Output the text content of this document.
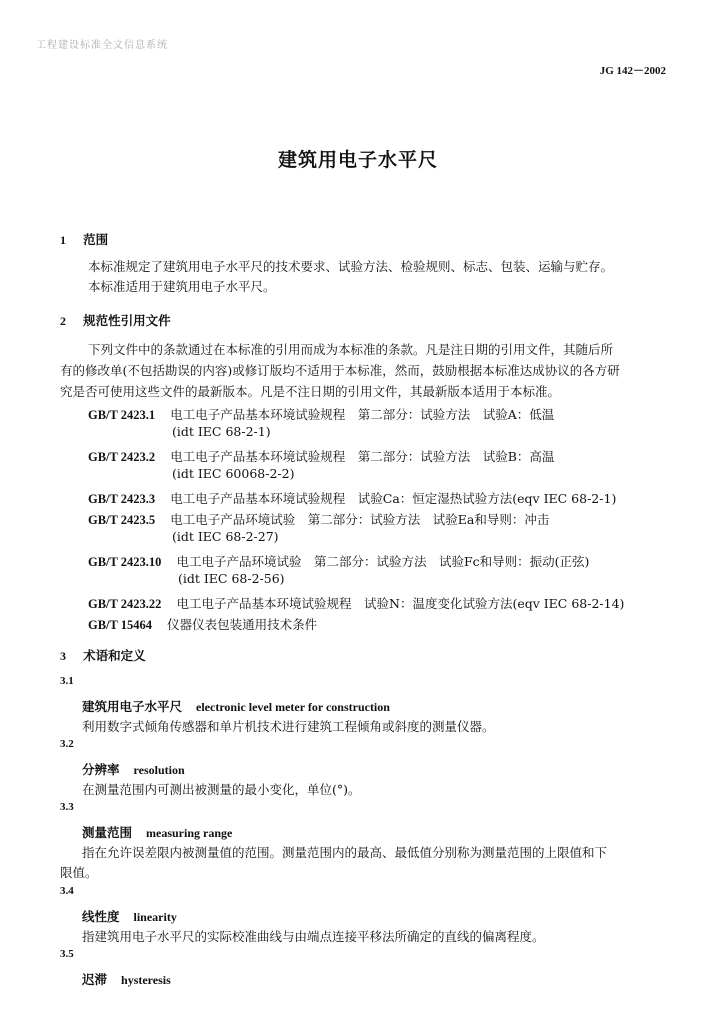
工程建设标准全文信息系统
JG 142－2002
建筑用电子水平尺
1 范围
本标准规定了建筑用电子水平尺的技术要求、试验方法、检验规则、标志、包装、运输与贮存。
本标准适用于建筑用电子水平尺。
2 规范性引用文件
下列文件中的条款通过在本标准的引用而成为本标准的条款。凡是注日期的引用文件，其随后所
有的修改单(不包括勘误的内容)或修订版均不适用于本标准，然而，鼓励根据本标准达成协议的各方研
究是否可使用这些文件的最新版本。凡是不注日期的引用文件，其最新版本适用于本标准。
GB/T 2423.1 电工电子产品基本环境试验规程　第二部分：试验方法　试验A：低温
(idt IEC 68-2-1)
GB/T 2423.2 电工电子产品基本环境试验规程　第二部分：试验方法　试验B：高温
(idt IEC 60068-2-2)
GB/T 2423.3 电工电子产品基本环境试验规程　试验Ca：恒定湿热试验方法(eqv IEC 68-2-1)
GB/T 2423.5 电工电子产品环境试验　第二部分：试验方法　试验Ea和导则：冲击
(idt IEC 68-2-27)
GB/T 2423.10 电工电子产品环境试验　第二部分：试验方法　试验Fc和导则：振动(正弦)
(idt IEC 68-2-56)
GB/T 2423.22 电工电子产品基本环境试验规程　试验N：温度变化试验方法(eqv IEC 68-2-14)
GB/T 15464 仪器仪表包装通用技术条件
3 术语和定义
3.1
建筑用电子水平尺 electronic level meter for construction
利用数字式倾角传感器和单片机技术进行建筑工程倾角或斜度的测量仪器。
3.2
分辨率 resolution
在测量范围内可测出被测量的最小变化，单位(°)。
3.3
测量范围 measuring range
指在允许误差限内被测量值的范围。测量范围内的最高、最低值分别称为测量范围的上限值和下
限值。
3.4
线性度 linearity
指建筑用电子水平尺的实际校准曲线与由端点连接平移法所确定的直线的偏离程度。
3.5
迟滞 hysteresis
